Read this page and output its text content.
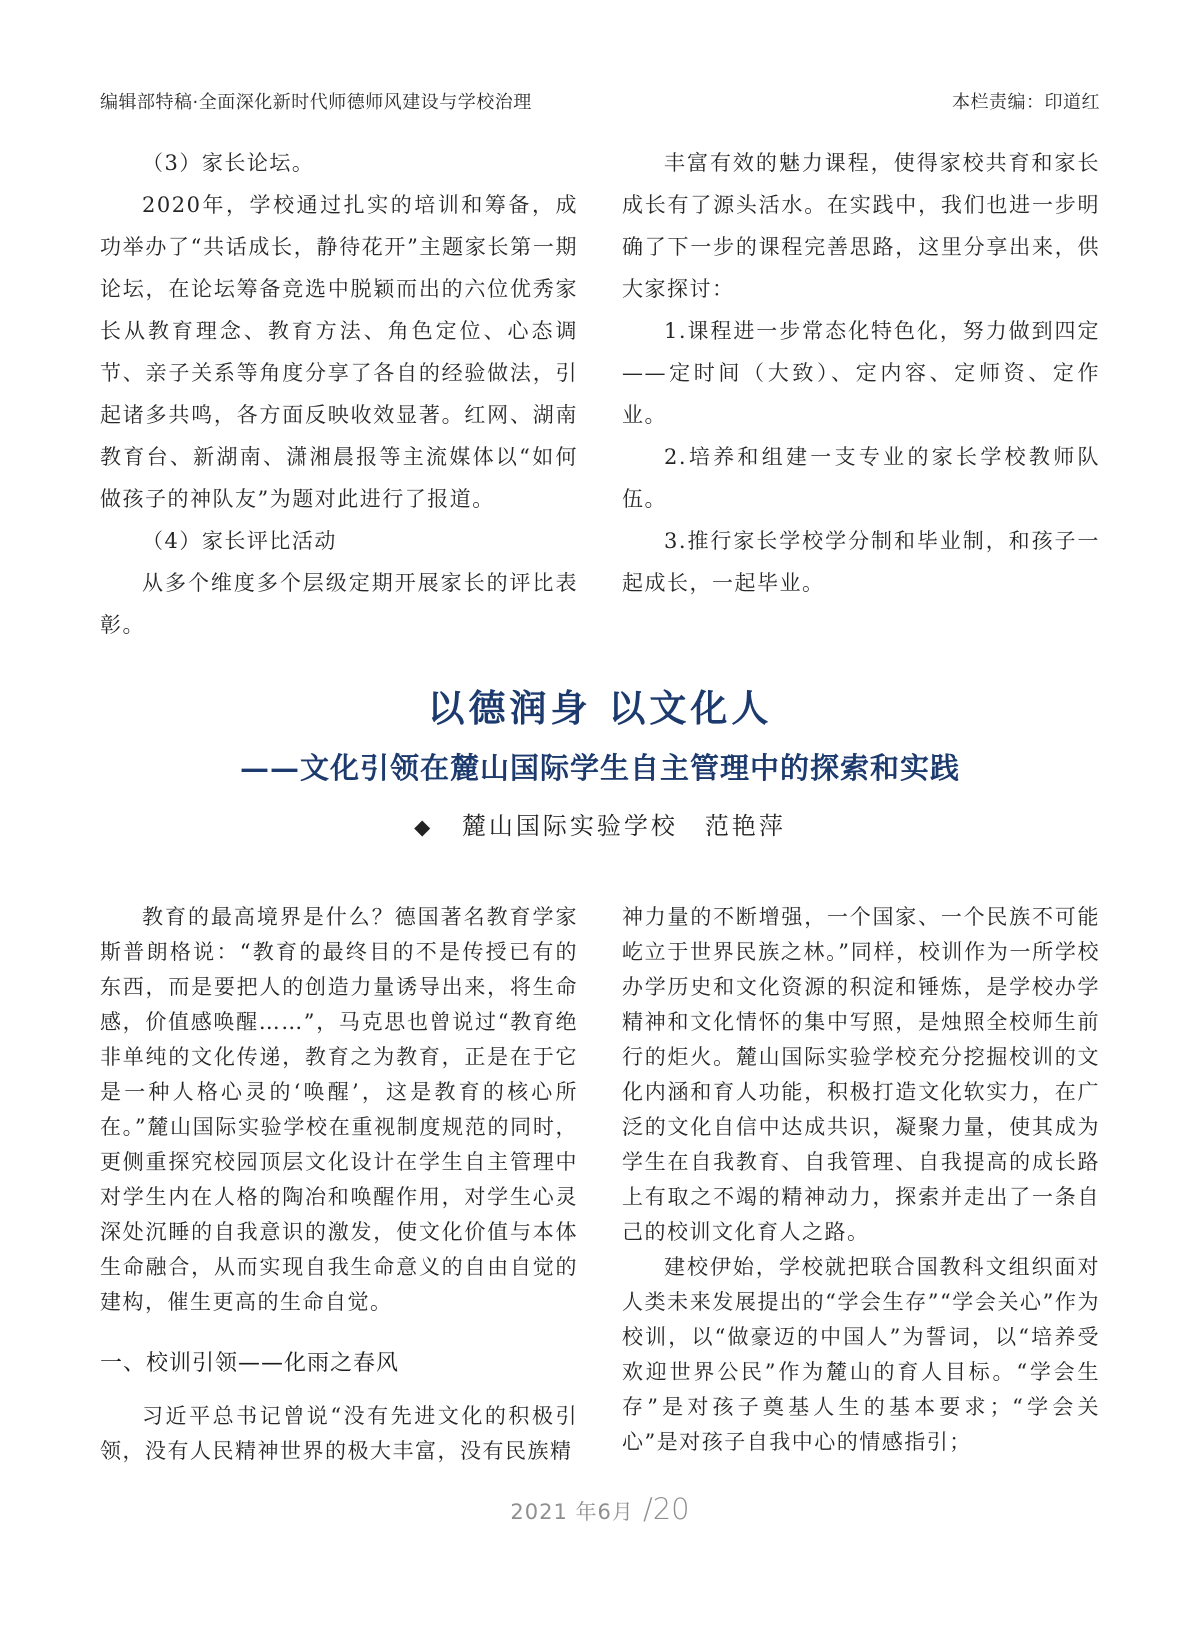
编辑部特稿·全面深化新时代师德师风建设与学校治理	本栏责编：印道红

（3）家长论坛。

2020年，学校通过扎实的培训和筹备，成功举办了“共话成长，静待花开”主题家长第一期论坛，在论坛筹备竞选中脱颖而出的六位优秀家长从教育理念、教育方法、角色定位、心态调节、亲子关系等角度分享了各自的经验做法，引起诸多共鸣，各方面反映收效显著。红网、湖南教育台、新湖南、潇湘晨报等主流媒体以“如何做孩子的神队友”为题对此进行了报道。

（4）家长评比活动

从多个维度多个层级定期开展家长的评比表彰。

丰富有效的魅力课程，使得家校共育和家长成长有了源头活水。在实践中，我们也进一步明确了下一步的课程完善思路，这里分享出来，供大家探讨：

1.课程进一步常态化特色化，努力做到四定——定时间（大致）、定内容、定师资、定作业。

2.培养和组建一支专业的家长学校教师队伍。

3.推行家长学校学分制和毕业制，和孩子一起成长，一起毕业。

以德润身 以文化人
——文化引领在麓山国际学生自主管理中的探索和实践
◆ 麓山国际实验学校　范艳萍

教育的最高境界是什么？德国著名教育学家斯普朗格说：“教育的最终目的不是传授已有的东西，而是要把人的创造力量诱导出来，将生命感，价值感唤醒……”，马克思也曾说过“教育绝非单纯的文化传递，教育之为教育，正是在于它是一种人格心灵的‘唤醒’，这是教育的核心所在。”麓山国际实验学校在重视制度规范的同时，更侧重探究校园顶层文化设计在学生自主管理中对学生内在人格的陶冶和唤醒作用，对学生心灵深处沉睡的自我意识的激发，使文化价值与本体生命融合，从而实现自我生命意义的自由自觉的建构，催生更高的生命自觉。

一、校训引领——化雨之春风

习近平总书记曾说“没有先进文化的积极引领，没有人民精神世界的极大丰富，没有民族精

神力量的不断增强，一个国家、一个民族不可能屹立于世界民族之林。”同样，校训作为一所学校办学历史和文化资源的积淀和锤炼，是学校办学精神和文化情怀的集中写照，是烛照全校师生前行的炬火。麓山国际实验学校充分挖掘校训的文化内涵和育人功能，积极打造文化软实力，在广泛的文化自信中达成共识，凝聚力量，使其成为学生在自我教育、自我管理、自我提高的成长路上有取之不竭的精神动力，探索并走出了一条自己的校训文化育人之路。

建校伊始，学校就把联合国教科文组织面对人类未来发展提出的“学会生存”“学会关心”作为校训，以“做豪迈的中国人”为誓词，以“培养受欢迎世界公民”作为麓山的育人目标。“学会生存”是对孩子奠基人生的基本要求；“学会关心”是对孩子自我中心的情感指引；

2021 年6月 /20
